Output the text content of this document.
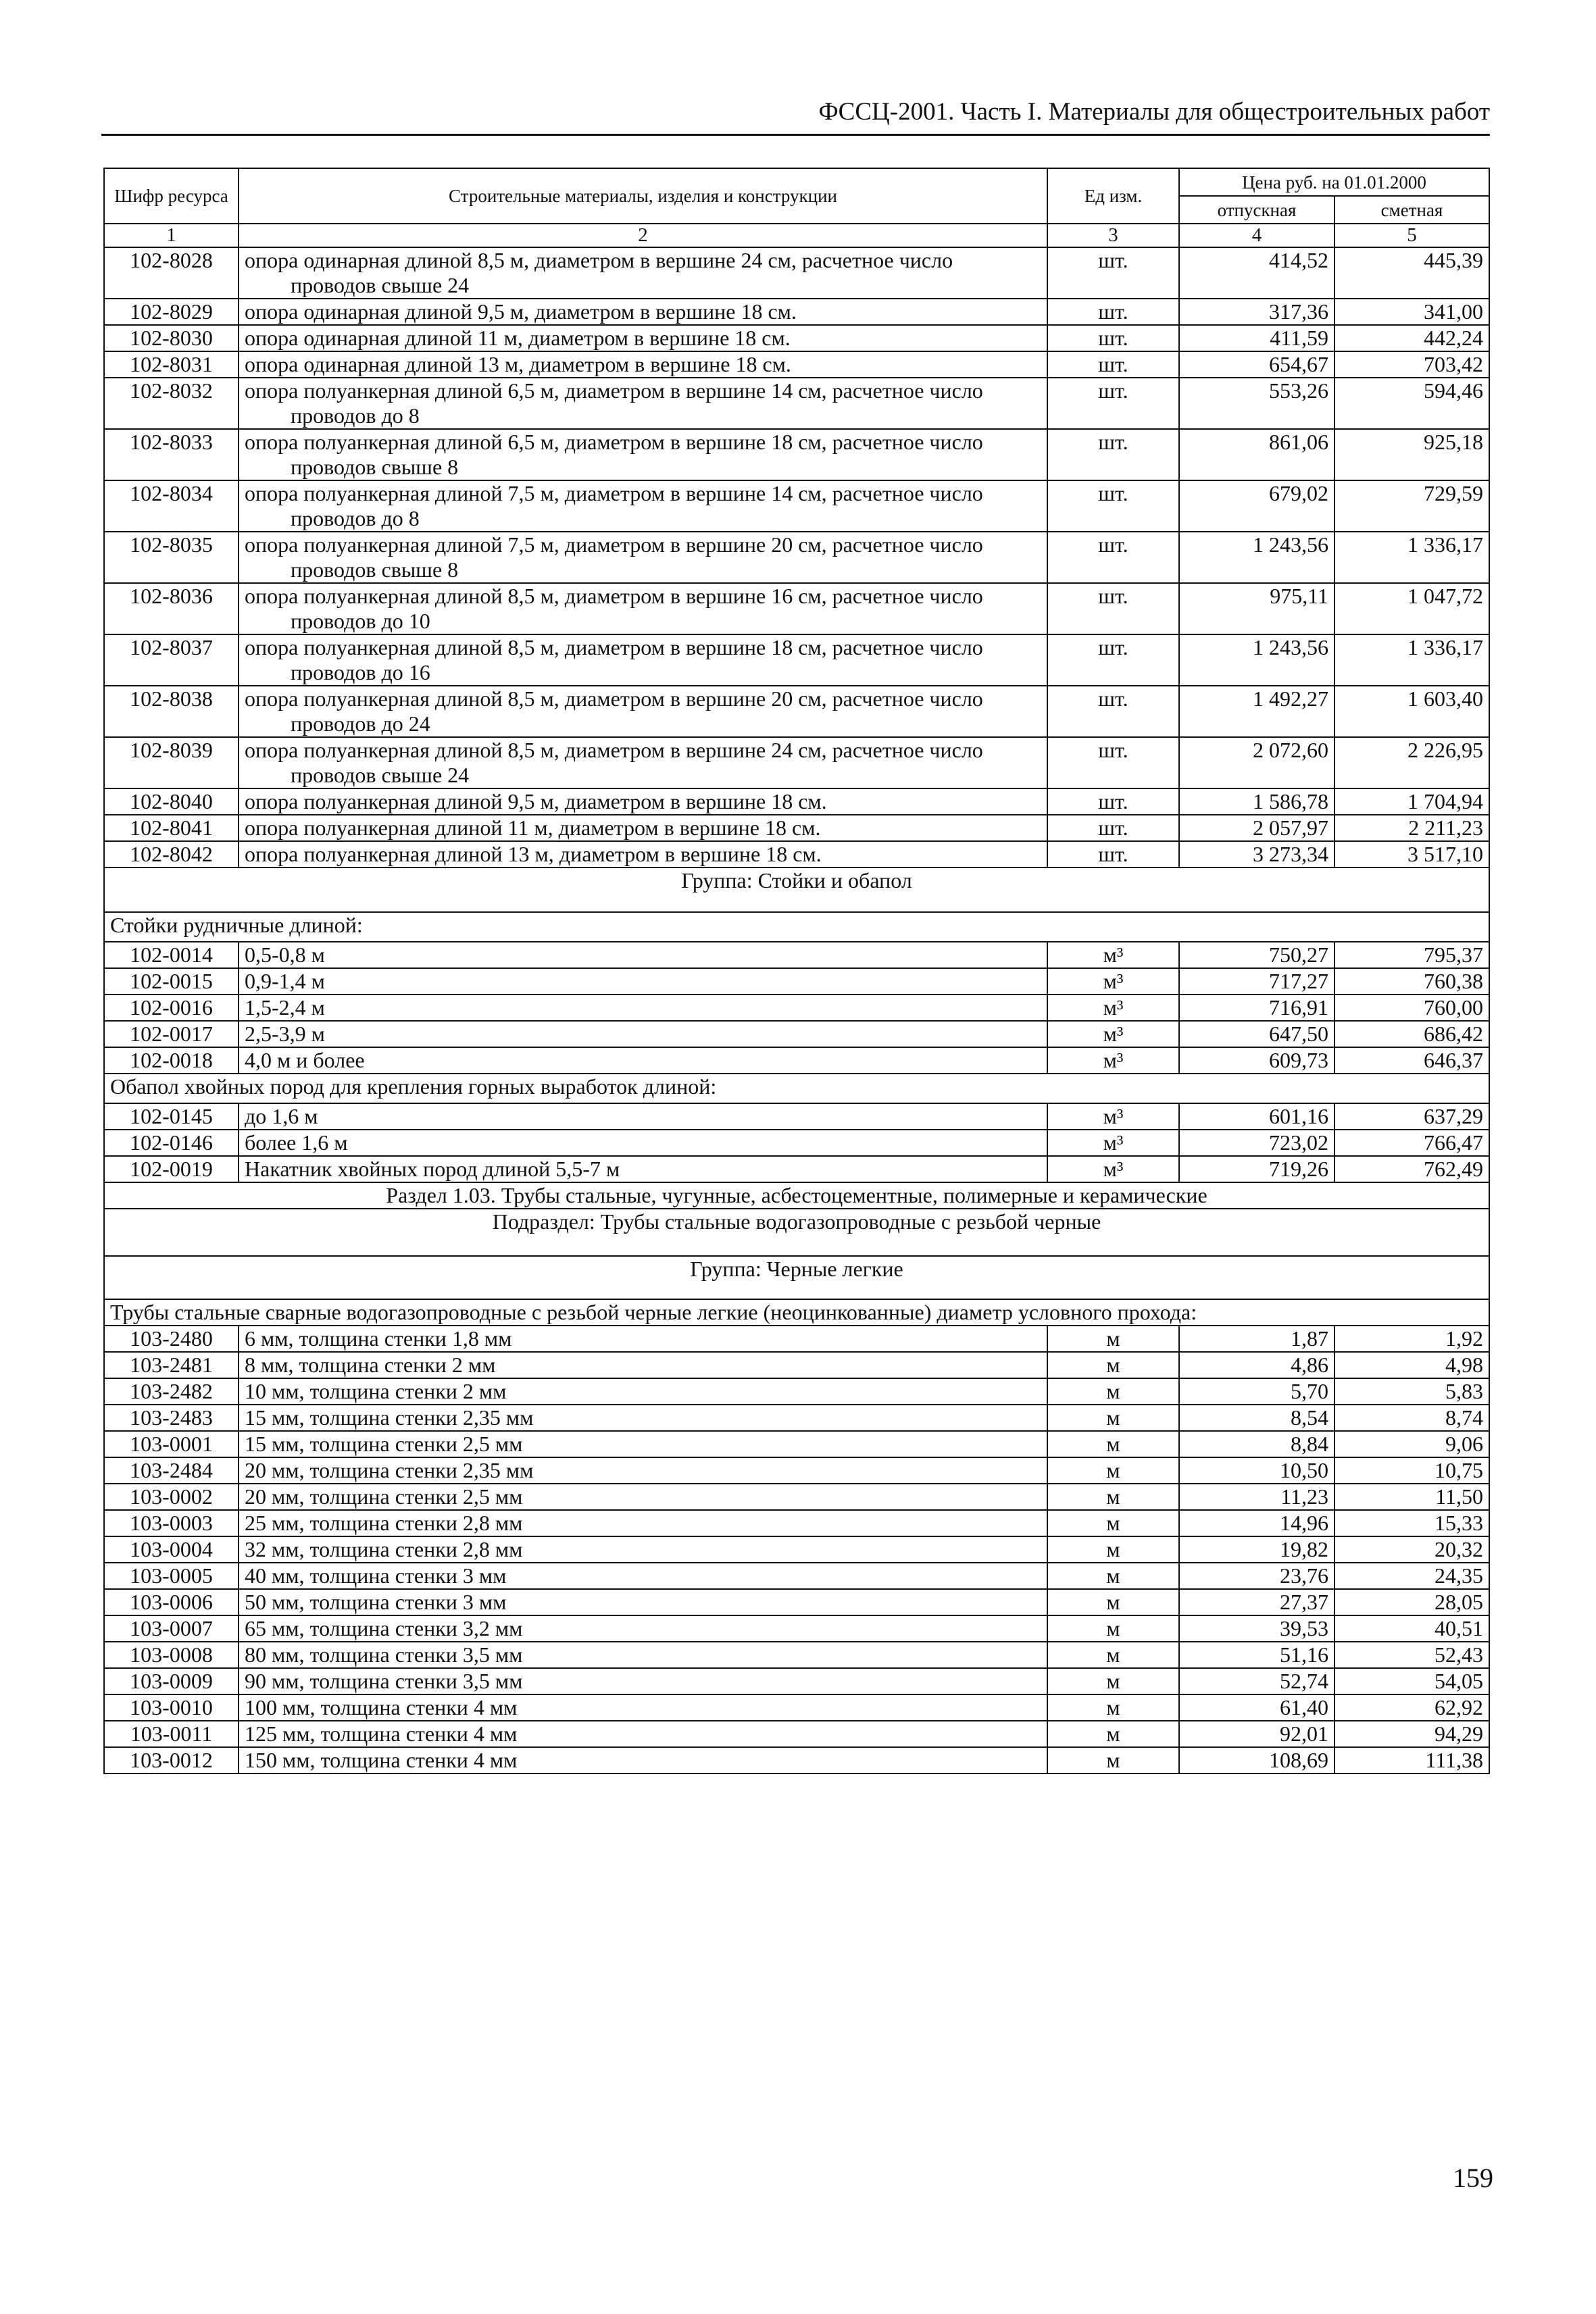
ФССЦ-2001. Часть I. Материалы для общестроительных работ
Шифр ресурса	Строительные материалы, изделия и конструкции	Ед изм.	Цена руб. на 01.01.2000	
			отпускная	сметная
1	2	3	4	5
102-8028	опора одинарная длиной 8,5 м, диаметром в вершине 24 см, расчетное число проводов свыше 24	шт.	414,52	445,39
102-8029	опора одинарная длиной 9,5 м, диаметром в вершине 18 см.	шт.	317,36	341,00
102-8030	опора одинарная длиной 11 м, диаметром в вершине 18 см.	шт.	411,59	442,24
102-8031	опора одинарная длиной 13 м, диаметром в вершине 18 см.	шт.	654,67	703,42
102-8032	опора полуанкерная длиной 6,5 м, диаметром в вершине 14 см, расчетное число проводов до 8	шт.	553,26	594,46
102-8033	опора полуанкерная длиной 6,5 м, диаметром в вершине 18 см, расчетное число проводов свыше 8	шт.	861,06	925,18
102-8034	опора полуанкерная длиной 7,5 м, диаметром в вершине 14 см, расчетное число проводов до 8	шт.	679,02	729,59
102-8035	опора полуанкерная длиной 7,5 м, диаметром в вершине 20 см, расчетное число проводов свыше 8	шт.	1 243,56	1 336,17
102-8036	опора полуанкерная длиной 8,5 м, диаметром в вершине 16 см, расчетное число проводов до 10	шт.	975,11	1 047,72
102-8037	опора полуанкерная длиной 8,5 м, диаметром в вершине 18 см, расчетное число проводов до 16	шт.	1 243,56	1 336,17
102-8038	опора полуанкерная длиной 8,5 м, диаметром в вершине 20 см, расчетное число проводов до 24	шт.	1 492,27	1 603,40
102-8039	опора полуанкерная длиной 8,5 м, диаметром в вершине 24 см, расчетное число проводов свыше 24	шт.	2 072,60	2 226,95
102-8040	опора полуанкерная длиной 9,5 м, диаметром в вершине 18 см.	шт.	1 586,78	1 704,94
102-8041	опора полуанкерная длиной 11 м, диаметром в вершине 18 см.	шт.	2 057,97	2 211,23
102-8042	опора полуанкерная длиной 13 м, диаметром в вершине 18 см.	шт.	3 273,34	3 517,10
Группа: Стойки и обапол				
Стойки рудничные длиной:				
102-0014	0,5-0,8 м	м³	750,27	795,37
102-0015	0,9-1,4 м	м³	717,27	760,38
102-0016	1,5-2,4 м	м³	716,91	760,00
102-0017	2,5-3,9 м	м³	647,50	686,42
102-0018	4,0 м и более	м³	609,73	646,37
Обапол хвойных пород для крепления горных выработок длиной:				
102-0145	до 1,6 м	м³	601,16	637,29
102-0146	более 1,6 м	м³	723,02	766,47
102-0019	Накатник хвойных пород длиной 5,5-7 м	м³	719,26	762,49
Раздел 1.03. Трубы стальные, чугунные, асбестоцементные, полимерные и керамические				
Подраздел: Трубы стальные водогазопроводные с резьбой черные				
Группа: Черные легкие				
Трубы стальные сварные водогазопроводные с резьбой черные легкие (неоцинкованные) диаметр условного прохода:				
103-2480	6 мм, толщина стенки 1,8 мм	м	1,87	1,92
103-2481	8 мм, толщина стенки 2 мм	м	4,86	4,98
103-2482	10 мм, толщина стенки 2 мм	м	5,70	5,83
103-2483	15 мм, толщина стенки 2,35 мм	м	8,54	8,74
103-0001	15 мм, толщина стенки 2,5 мм	м	8,84	9,06
103-2484	20 мм, толщина стенки 2,35 мм	м	10,50	10,75
103-0002	20 мм, толщина стенки 2,5 мм	м	11,23	11,50
103-0003	25 мм, толщина стенки 2,8 мм	м	14,96	15,33
103-0004	32 мм, толщина стенки 2,8 мм	м	19,82	20,32
103-0005	40 мм, толщина стенки 3 мм	м	23,76	24,35
103-0006	50 мм, толщина стенки 3 мм	м	27,37	28,05
103-0007	65 мм, толщина стенки 3,2 мм	м	39,53	40,51
103-0008	80 мм, толщина стенки 3,5 мм	м	51,16	52,43
103-0009	90 мм, толщина стенки 3,5 мм	м	52,74	54,05
103-0010	100 мм, толщина стенки 4 мм	м	61,40	62,92
103-0011	125 мм, толщина стенки 4 мм	м	92,01	94,29
103-0012	150 мм, толщина стенки 4 мм	м	108,69	111,38
159
